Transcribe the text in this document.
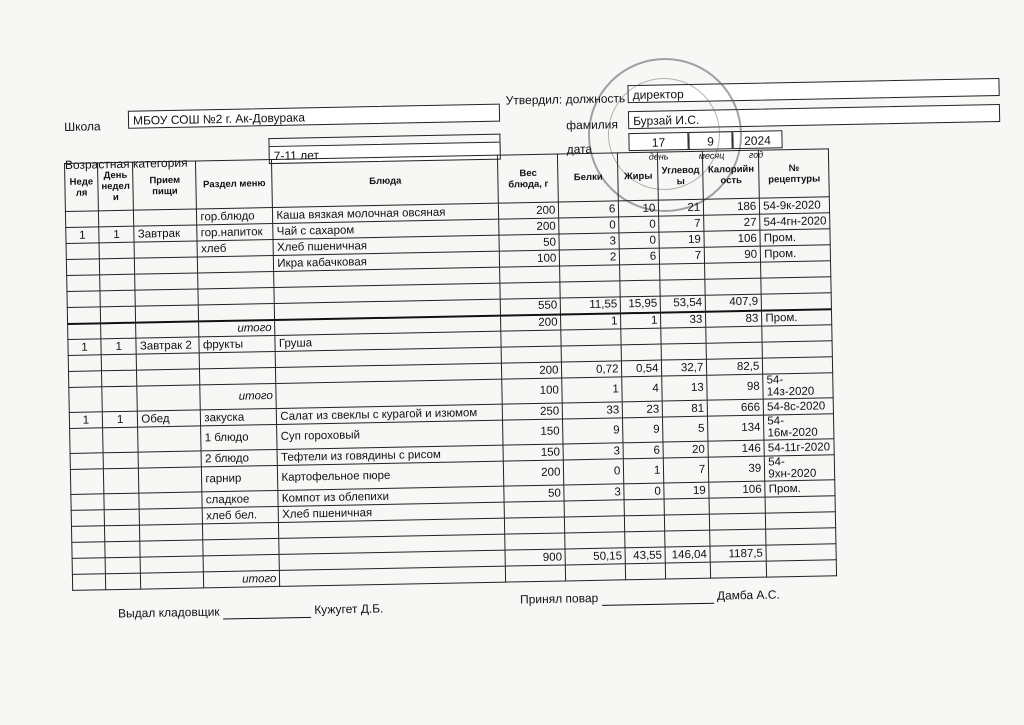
Школа	МБОУ СОШ №2 г. Ак-Довурака
Возрастная категория
7-11 лет
Утвердил: должность директор
фамилия	Бурзай И.С.
дата	17	9	2024
день	месяц	год
Неде ля	День недел и	Прием пищи	Раздел меню	Блюда	Вес блюда, г	Белки	Жиры	Углевод ы	Калорийн ость	№ рецептуры
			гор.блюдо	Каша вязкая молочная овсяная	200	6	10	21	186	54-9к-2020
1	1	Завтрак	гор.напиток	Чай с сахаром	200	0	0	7	27	54-4гн-2020
			хлеб	Хлеб пшеничная	50	3	0	19	106	Пром.
				Икра кабачковая	100	2	6	7	90	Пром.

					550	11,55	15,95	53,54	407,9	
			итого		200	1	1	33	83	Пром.
1	1	Завтрак 2	фрукты	Груша						

					200	0,72	0,54	32,7	82,5	
			итого		100	1	4	13	98	54-14з-2020
1	1	Обед	закуска	Салат из свеклы с курагой и изюмом	250	33	23	81	666	54-8с-2020
			1 блюдо	Суп гороховый	150	9	9	5	134	54-16м-2020
			2 блюдо	Тефтели из говядины с рисом	150	3	6	20	146	54-11г-2020
			гарнир	Картофельное пюре	200	0	1	7	39	54-9хн-2020
			сладкое	Компот из облепихи	50	3	0	19	106	Пром.
			хлеб бел.	Хлеб пшеничная						

					900	50,15	43,55	146,04	1187,5	
			итого							
Выдал кладовщик ​	Кужугет Д.Б.
Принял повар ​	Дамба А.С.
